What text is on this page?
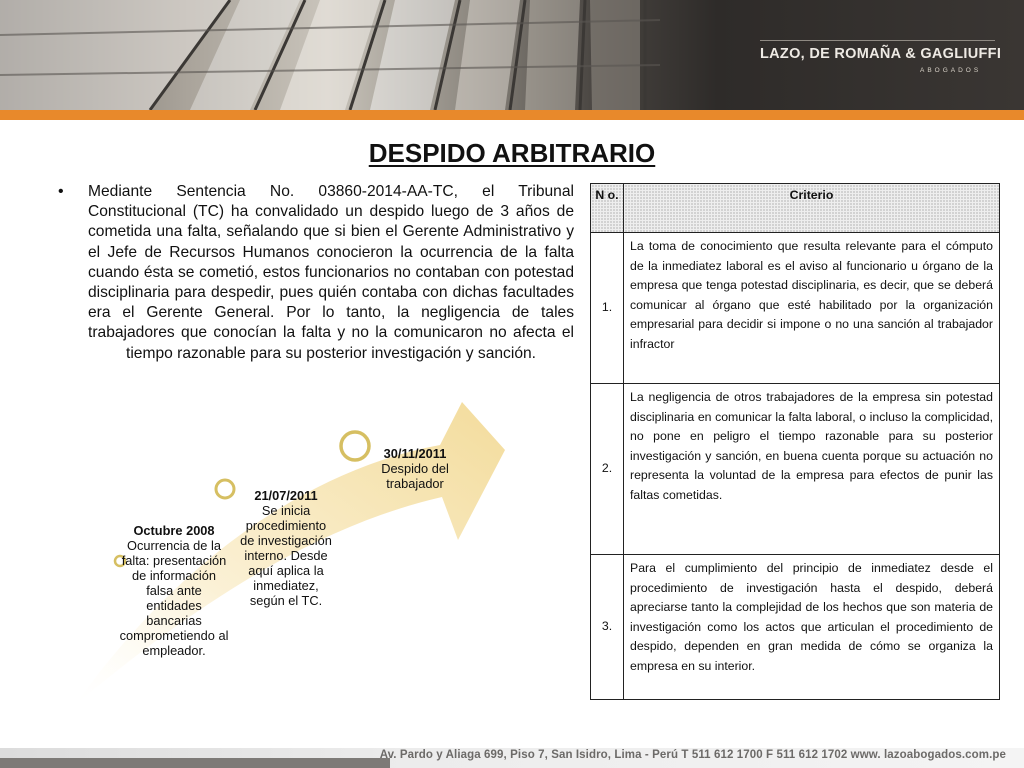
LAZO, DE ROMAÑA & GAGLIUFFI
ABOGADOS
DESPIDO ARBITRARIO
• Mediante Sentencia No. 03860-2014-AA-TC, el Tribunal Constitucional (TC) ha convalidado un despido luego de 3 años de cometida una falta, señalando que si bien el Gerente Administrativo y el Jefe de Recursos Humanos conocieron la ocurrencia de la falta cuando ésta se cometió, estos funcionarios no contaban con potestad disciplinaria para despedir, pues quién contaba con dichas facultades era el Gerente General. Por lo tanto, la negligencia de tales trabajadores que conocían la falta y no la comunicaron no afecta el tiempo razonable para su posterior investigación y sanción.
Octubre 2008
Ocurrencia de la falta: presentación de información falsa ante entidades bancarias comprometiendo al empleador.
21/07/2011
Se inicia procedimiento de investigación interno. Desde aquí aplica la inmediatez, según el TC.
30/11/2011
Despido del trabajador
N o.	Criterio
1.	La toma de conocimiento que resulta relevante para el cómputo de la inmediatez laboral es el aviso al funcionario u órgano de la empresa que tenga potestad disciplinaria, es decir, que se deberá comunicar al órgano que esté habilitado por la organización empresarial para decidir si impone o no una sanción al trabajador infractor
2.	La negligencia de otros trabajadores de la empresa sin potestad disciplinaria en comunicar la falta laboral, o incluso la complicidad, no pone en peligro el tiempo razonable para su posterior investigación y sanción, en buena cuenta porque su actuación no representa la voluntad de la empresa para efectos de punir las faltas cometidas.
3.	Para el cumplimiento del principio de inmediatez desde el procedimiento de investigación hasta el despido, deberá apreciarse tanto la complejidad de los hechos que son materia de investigación como los actos que articulan el procedimiento de despido, dependen en gran medida de cómo se organiza la empresa en su interior.
Av. Pardo y Aliaga 699, Piso 7, San Isidro, Lima - Perú T 511 612 1700 F 511 612 1702 www. lazoabogados.com.pe
